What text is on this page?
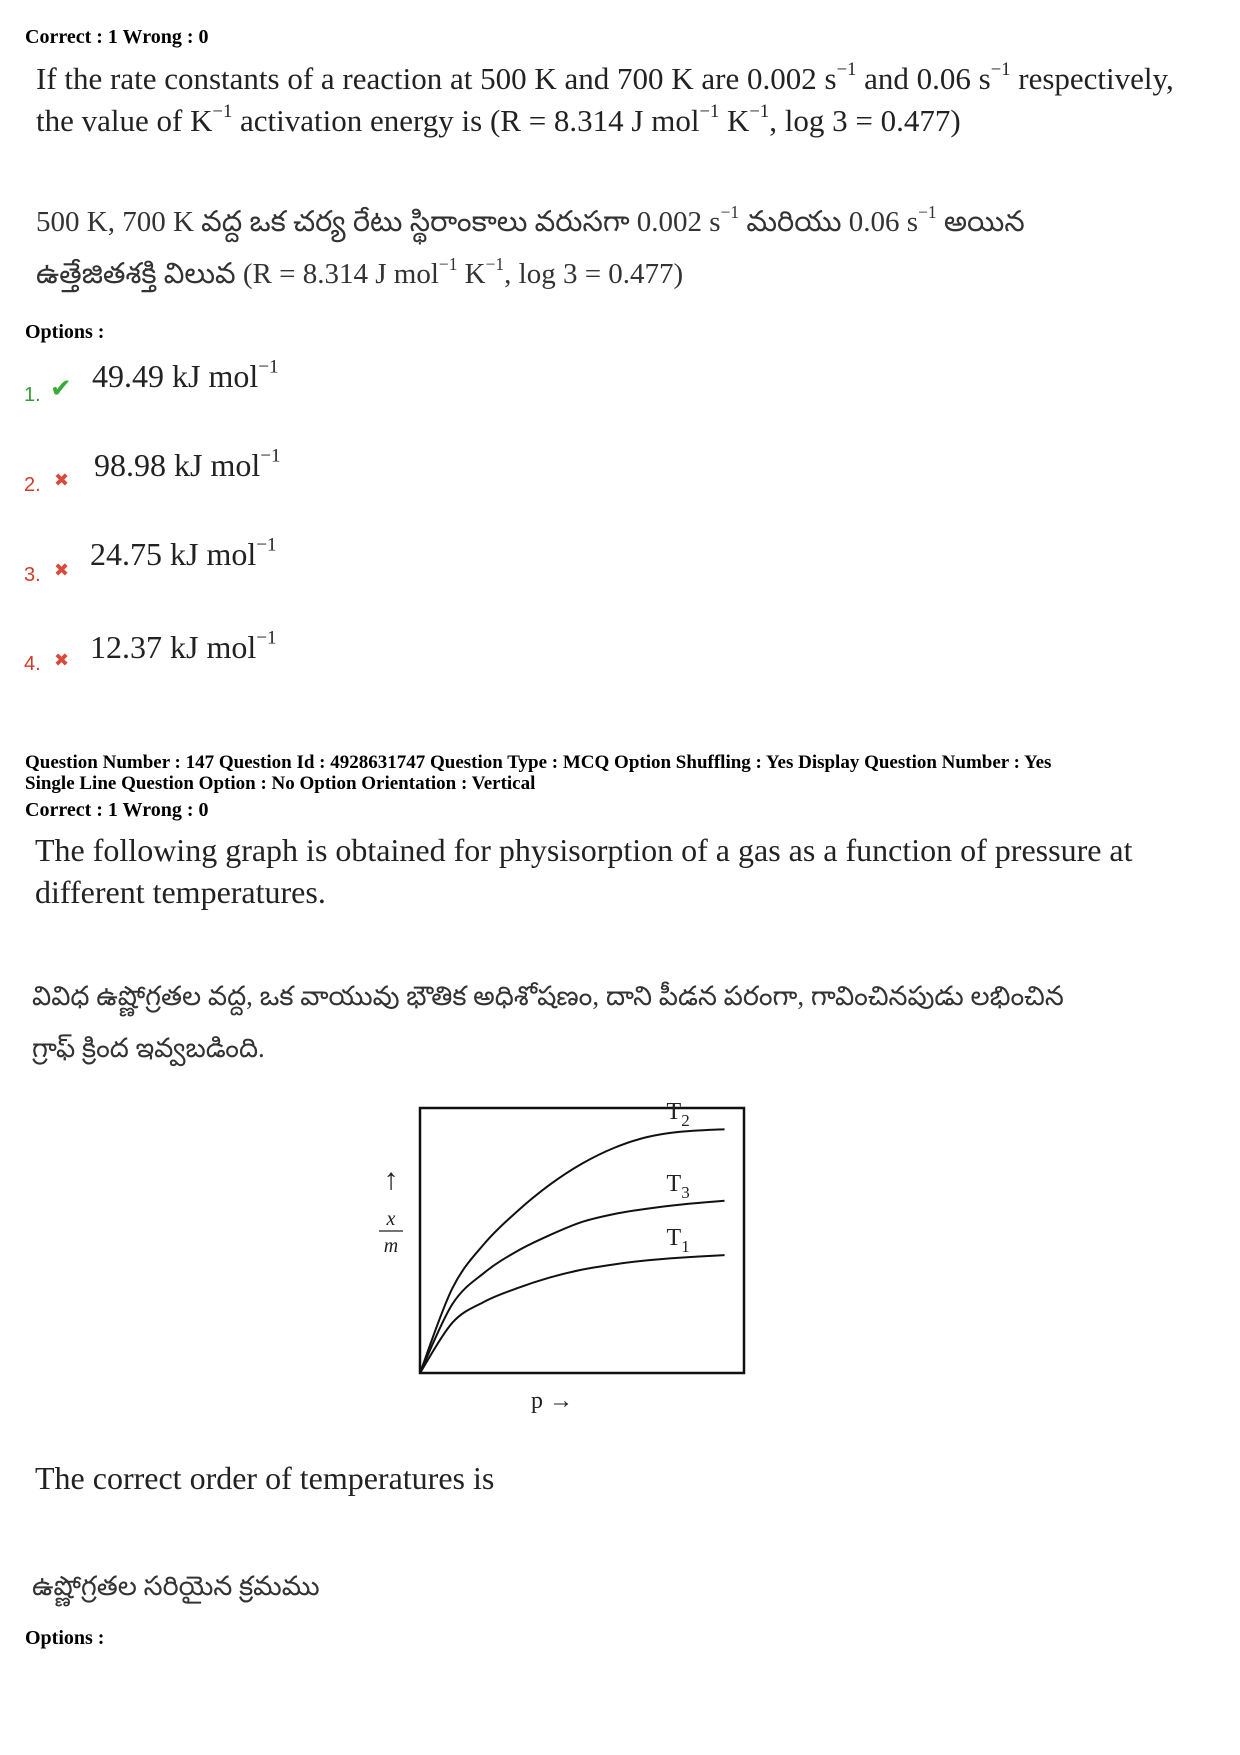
Correct : 1 Wrong : 0
If the rate constants of a reaction at 500 K and 700 K are 0.002 $s^{-1}$ and 0.06 $s^{-1}$ respectively,
the value of $K^{-1}$ activation energy is (R = 8.314 J mol$^{-1}$ $K^{-1}$, log 3 = 0.477)
500 K, 700 K వద్ద ఒక చర్య రేటు స్థిరాంకాలు వరుసగా 0.002 $s^{-1}$ మరియు 0.06 $s^{-1}$ అయిన
ఉత్తేజితశక్తి విలువ (R = 8.314 J mol$^{-1}$ $K^{-1}$, log 3 = 0.477)
Options :
1. ✔ 49.49 kJ mol$^{-1}$
2. ✖ 98.98 kJ mol$^{-1}$
3. ✖ 24.75 kJ mol$^{-1}$
4. ✖ 12.37 kJ mol$^{-1}$
Question Number : 147 Question Id : 4928631747 Question Type : MCQ Option Shuffling : Yes Display Question Number : Yes
Single Line Question Option : No Option Orientation : Vertical
Correct : 1 Wrong : 0
The following graph is obtained for physisorption of a gas as a function of pressure at
different temperatures.
వివిధ ఉష్ణోగ్రతల వద్ద, ఒక వాయువు భౌతిక అధిశోషణం, దాని పీడన పరంగా, గావించినపుడు లభించిన
గ్రాఫ్ క్రింద ఇవ్వబడింది.
$T_2$
$T_3$
$T_1$
↑
x
m
p →
The correct order of temperatures is
ఉష్ణోగ్రతల సరియైన క్రమము
Options :
